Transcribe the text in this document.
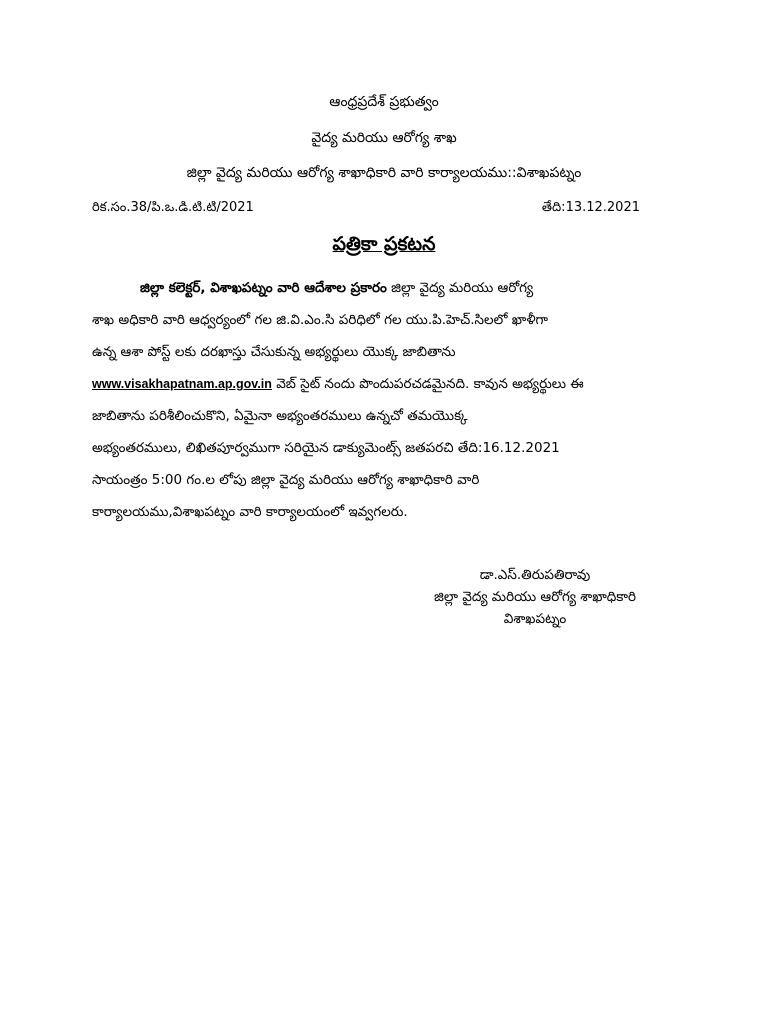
ఆంధ్రప్రదేశ్ ప్రభుత్వం
వైద్య మరియు ఆరోగ్య శాఖ
జిల్లా వైద్య మరియు ఆరోగ్య శాఖాధికారి వారి కార్యాలయము::విశాఖపట్నం
రిక.సం.38/పి.ఒ.డి.టి.టి/2021	తేది:13.12.2021
పత్రికా ప్రకటన
జిల్లా కలెక్టర్, విశాఖపట్నం వారి ఆదేశాల ప్రకారం జిల్లా వైద్య మరియు ఆరోగ్య
శాఖ అధికారి వారి ఆధ్వర్యంలో గల జి.వి.ఎం.సి పరిధిలో గల యు.పి.హెచ్.సిలలో ఖాళీగా
ఉన్న ఆశా పోస్ట్ లకు దరఖాస్తు చేసుకున్న అభ్యర్థులు యొక్క జాబితాను
www.visakhapatnam.ap.gov.in వెబ్ సైట్ నందు పొందుపరచడమైనది. కావున అభ్యర్థులు ఈ
జాబితాను పరిశీలించుకొని, ఏమైనా అభ్యంతరములు ఉన్నచో తమయొక్క
అభ్యంతరములు, లిఖితపూర్వముగా సరియైన డాక్యుమెంట్స్ జతపరచి తేది:16.12.2021
సాయంత్రం 5:00 గం.ల లోపు జిల్లా వైద్య మరియు ఆరోగ్య శాఖాధికారి వారి
కార్యాలయము,విశాఖపట్నం వారి కార్యాలయంలో ఇవ్వగలరు.
డా.ఎస్.తిరుపతిరావు
జిల్లా వైద్య మరియు ఆరోగ్య శాఖాధికారి
విశాఖపట్నం
